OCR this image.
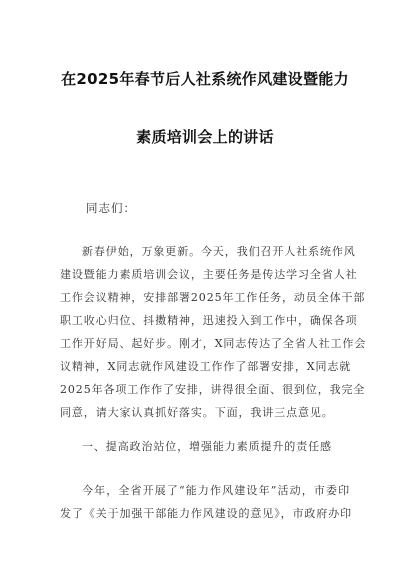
在2025年春节后人社系统作风建设暨能力
素质培训会上的讲话
同志们：
新春伊始，万象更新。今天，我们召开人社系统作风
建设暨能力素质培训会议，主要任务是传达学习全省人社
工作会议精神，安排部署2025年工作任务，动员全体干部
职工收心归位、抖擞精神，迅速投入到工作中，确保各项
工作开好局、起好步。刚才，X同志传达了全省人社工作会
议精神，X同志就作风建设工作作了部署安排，X同志就
2025年各项工作作了安排，讲得很全面、很到位，我完全
同意，请大家认真抓好落实。下面，我讲三点意见。
一、提高政治站位，增强能力素质提升的责任感
今年，全省开展了“能力作风建设年”活动，市委印
发了《关于加强干部能力作风建设的意见》，市政府办印
